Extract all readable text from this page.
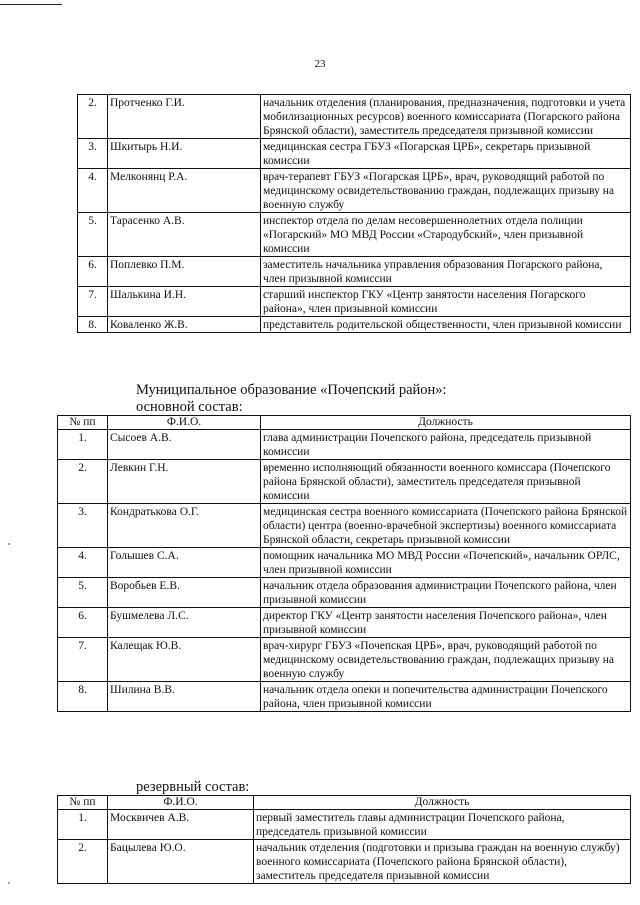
23
2.	Протченко Г.И.	начальник отделения (планирования, предназначения, подготовки и учета мобилизационных ресурсов) военного комиссариата (Погарского района Брянской области), заместитель председателя призывной комиссии
3.	Шкитырь Н.И.	медицинская сестра ГБУЗ «Погарская ЦРБ», секретарь призывной комиссии
4.	Мелконянц Р.А.	врач-терапевт ГБУЗ «Погарская ЦРБ», врач, руководящий работой по медицинскому освидетельствованию граждан, подлежащих призыву на военную службу
5.	Тарасенко А.В.	инспектор отдела по делам несовершеннолетних отдела полиции «Погарский» МО МВД России «Стародубский», член призывной комиссии
6.	Поплевко П.М.	заместитель начальника управления образования Погарского района, член призывной комиссии
7.	Шалькина И.Н.	старший инспектор ГКУ «Центр занятости населения Погарского района», член призывной комиссии
8.	Коваленко Ж.В.	представитель родительской общественности, член призывной комиссии
Муниципальное образование «Почепский район»:
основной состав:
№ пп	Ф.И.О.	Должность
1.	Сысоев А.В.	глава администрации Почепского района, председатель призывной комиссии
2.	Левкин Г.Н.	временно исполняющий обязанности военного комиссара (Почепского района Брянской области), заместитель председателя призывной комиссии
3.	Кондратькова О.Г.	медицинская сестра военного комиссариата (Почепского района Брянской области) центра (военно-врачебной экспертизы) военного комиссариата Брянской области, секретарь призывной комиссии
4.	Голышев С.А.	помощник начальника МО МВД России «Почепский», начальник ОРЛС, член призывной комиссии
5.	Воробьев Е.В.	начальник отдела образования администрации Почепского района, член призывной комиссии
6.	Бушмелева Л.С.	директор ГКУ «Центр занятости населения Почепского района», член призывной комиссии
7.	Калещак Ю.В.	врач-хирург ГБУЗ «Почепская ЦРБ», врач, руководящий работой по медицинскому освидетельствованию граждан, подлежащих призыву на военную службу
8.	Шилина В.В.	начальник отдела опеки и попечительства администрации Почепского района, член призывной комиссии
резервный состав:
№ пп	Ф.И.О.	Должность
1.	Москвичев А.В.	первый заместитель главы администрации Почепского района, председатель призывной комиссии
2.	Бацылева Ю.О.	начальник отделения (подготовки и призыва граждан на военную службу) военного комиссариата (Почепского района Брянской области), заместитель председателя призывной комиссии
